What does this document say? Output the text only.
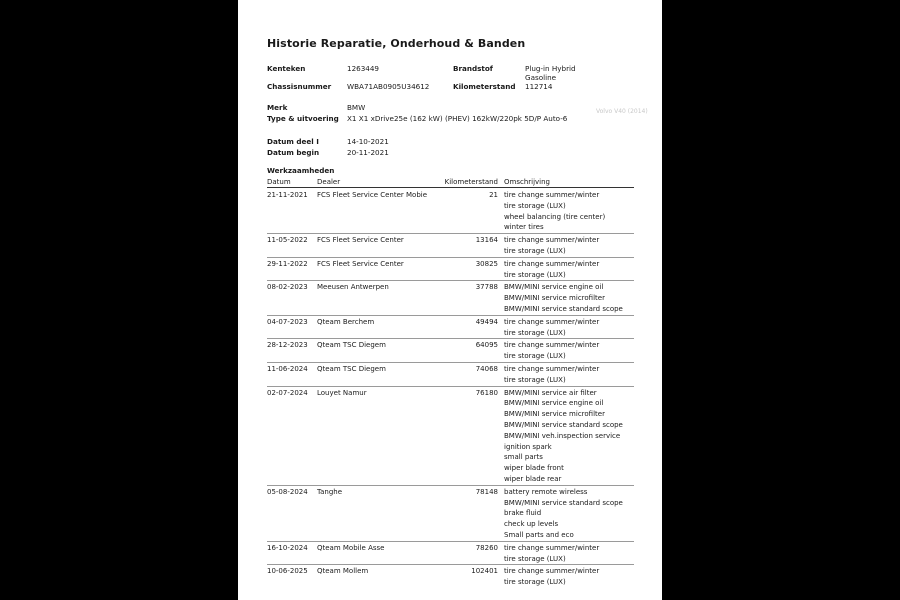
Historie Reparatie, Onderhoud & Banden
Kenteken	1263449	Brandstof	Plug-in Hybrid
Gasoline
Chassisnummer WBA71AB0905U34612	Kilometerstand 112714
Merk	BMW
Type & uitvoering X1 X1 xDrive25e (162 kW) (PHEV) 162kW/220pk 5D/P Auto-6
Volvo V40 (2014)
Datum deel I	14-10-2021
Datum begin	20-11-2021
Werkzaamheden
Datum	Dealer	Kilometerstand Omschrijving
21-11-2021 FCS Fleet Service Center Mobie	21 tire change summer/winter
tire storage (LUX)
wheel balancing (tire center)
winter tires
11-05-2022 FCS Fleet Service Center	13164 tire change summer/winter
tire storage (LUX)
29-11-2022 FCS Fleet Service Center	30825 tire change summer/winter
tire storage (LUX)
08-02-2023 Meeusen Antwerpen	37788 BMW/MINI service engine oil
BMW/MINI service microfilter
BMW/MINI service standard scope
04-07-2023 Qteam Berchem	49494 tire change summer/winter
tire storage (LUX)
28-12-2023 Qteam TSC Diegem	64095 tire change summer/winter
tire storage (LUX)
11-06-2024 Qteam TSC Diegem	74068 tire change summer/winter
tire storage (LUX)
02-07-2024 Louyet Namur	76180 BMW/MINI service air filter
BMW/MINI service engine oil
BMW/MINI service microfilter
BMW/MINI service standard scope
BMW/MINI veh.inspection service
ignition spark
small parts
wiper blade front
wiper blade rear
05-08-2024 Tanghe	78148 battery remote wireless
BMW/MINI service standard scope
brake fluid
check up levels
Small parts and eco
16-10-2024 Qteam Mobile Asse	78260 tire change summer/winter
tire storage (LUX)
10-06-2025 Qteam Mollem	102401 tire change summer/winter
tire storage (LUX)
